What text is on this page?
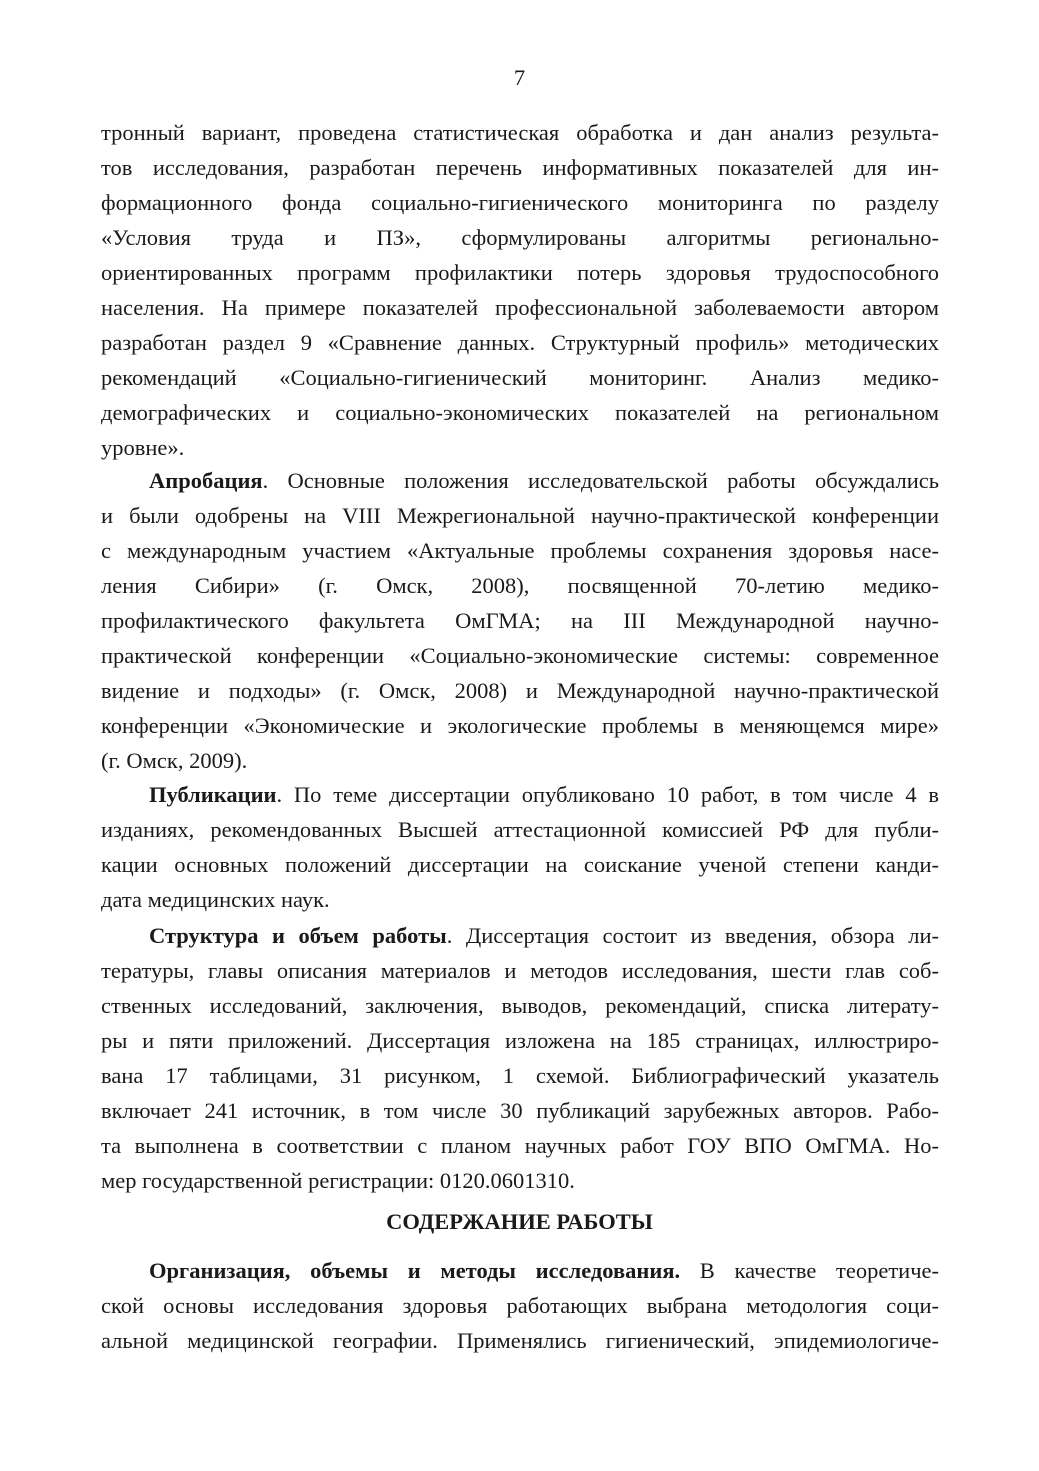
7
тронный вариант, проведена статистическая обработка и дан анализ результа-
тов исследования, разработан перечень информативных показателей для ин-
формационного фонда социально-гигиенического мониторинга по разделу
«Условия труда и ПЗ», сформулированы алгоритмы регионально-
ориентированных программ профилактики потерь здоровья трудоспособного
населения. На примере показателей профессиональной заболеваемости автором
разработан раздел 9 «Сравнение данных. Структурный профиль» методических
рекомендаций «Социально-гигиенический мониторинг. Анализ медико-
демографических и социально-экономических показателей на региональном
уровне».
Апробация. Основные положения исследовательской работы обсуждались
и были одобрены на VIII Межрегиональной научно-практической конференции
с международным участием «Актуальные проблемы сохранения здоровья насе-
ления Сибири» (г. Омск, 2008), посвященной 70-летию медико-
профилактического факультета ОмГМА; на III Международной научно-
практической конференции «Социально-экономические системы: современное
видение и подходы» (г. Омск, 2008) и Международной научно-практической
конференции «Экономические и экологические проблемы в меняющемся мире»
(г. Омск, 2009).
Публикации. По теме диссертации опубликовано 10 работ, в том числе 4 в
изданиях, рекомендованных Высшей аттестационной комиссией РФ для публи-
кации основных положений диссертации на соискание ученой степени канди-
дата медицинских наук.
Структура и объем работы. Диссертация состоит из введения, обзора ли-
тературы, главы описания материалов и методов исследования, шести глав соб-
ственных исследований, заключения, выводов, рекомендаций, списка литерату-
ры и пяти приложений. Диссертация изложена на 185 страницах, иллюстриро-
вана 17 таблицами, 31 рисунком, 1 схемой. Библиографический указатель
включает 241 источник, в том числе 30 публикаций зарубежных авторов. Рабо-
та выполнена в соответствии с планом научных работ ГОУ ВПО ОмГМА. Но-
мер государственной регистрации: 0120.0601310.
СОДЕРЖАНИЕ РАБОТЫ
Организация, объемы и методы исследования. В качестве теоретиче-
ской основы исследования здоровья работающих выбрана методология соци-
альной медицинской географии. Применялись гигиенический, эпидемиологиче-
